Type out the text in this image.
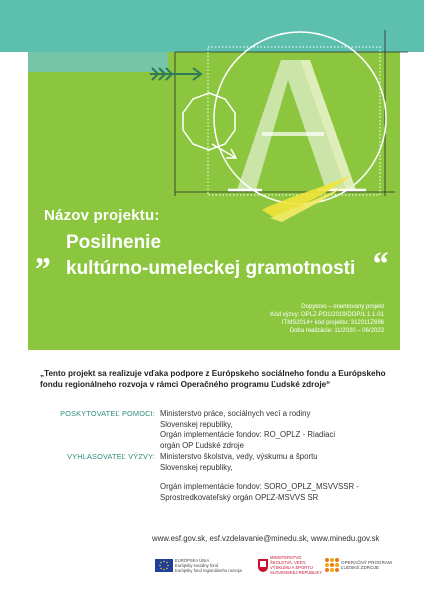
Názov projektu:
„ Posilnenie
kultúrno-umeleckej gramotnosti “
Dopytovo – orientovaný projekt
Kód výzvy: OPLZ-PO1/2019/DOP/1.1.1-01
ITMS2014+ kód projektu: 312011Z696
Doba realizácie: 11/2020 – 06/2023
„Tento projekt sa realizuje vďaka podpore z Európskeho sociálneho fondu a Európskeho fondu regionálneho rozvoja v rámci Operačného programu Ľudské zdroje“
POSKYTOVATEĽ POMOCI: Ministerstvo práce, sociálnych vecí a rodiny
Slovenskej republiky,
Orgán implementácie fondov: RO_OPLZ - Riadiaci
orgán OP Ľudské zdroje
VYHLASOVATEĽ VÝZVY: Ministerstvo školstva, vedy, výskumu a športu
Slovenskej republiky,
Orgán implementácie fondov: SORO_OPLZ_MSVVSSR -
Sprostredkovateľský orgán OPĽZ-MSVVS SR
www.esf.gov.sk, esf.vzdelavanie@minedu.sk, www.minedu.gov.sk
EURÓPSKA ÚNIA
Európsky sociálny fond
Európsky fond regionálneho rozvoja
MINISTERSTVO
ŠKOLSTVA, VEDY,
VÝSKUMU A ŠPORTU
SLOVENSKEJ REPUBLIKY
OPERAČNÝ PROGRAM
ĽUDSKÉ ZDROJE
